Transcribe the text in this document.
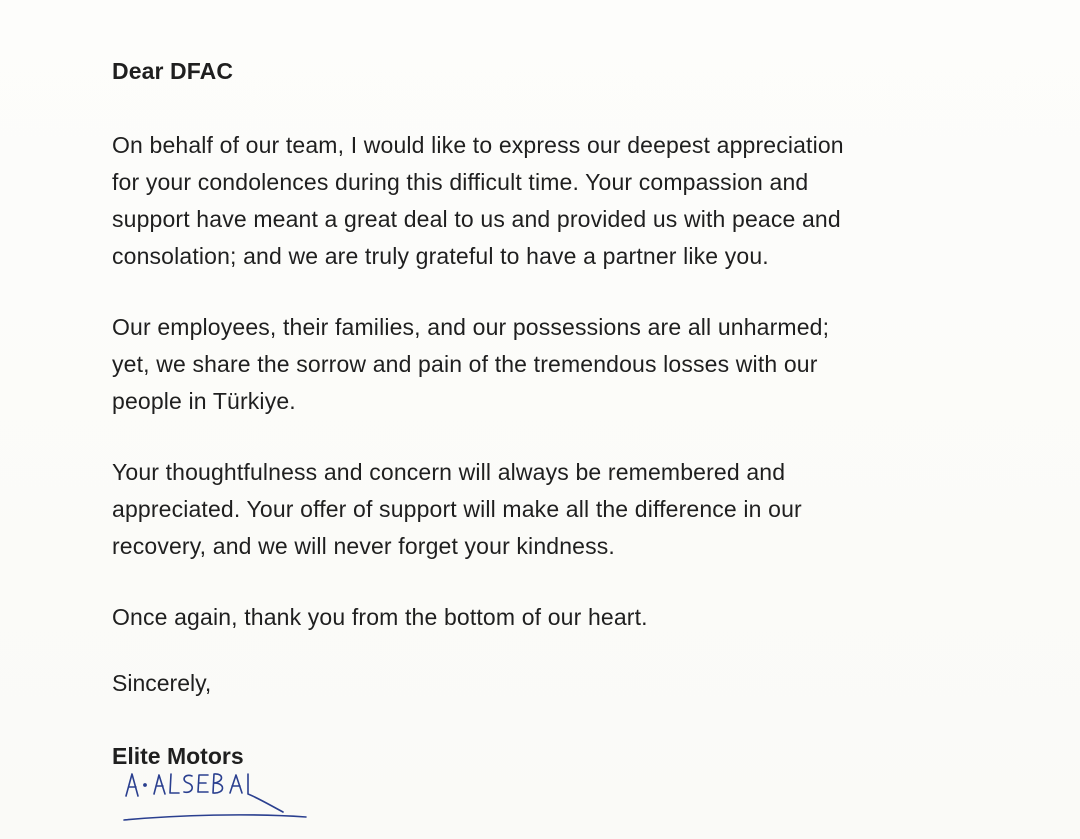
Dear DFAC

On behalf of our team, I would like to express our deepest appreciation
for your condolences during this difficult time. Your compassion and
support have meant a great deal to us and provided us with peace and
consolation; and we are truly grateful to have a partner like you.

Our employees, their families, and our possessions are all unharmed;
yet, we share the sorrow and pain of the tremendous losses with our
people in Türkiye.

Your thoughtfulness and concern will always be remembered and
appreciated. Your offer of support will make all the difference in our
recovery, and we will never forget your kindness.

Once again, thank you from the bottom of our heart.

Sincerely,

Elite Motors
